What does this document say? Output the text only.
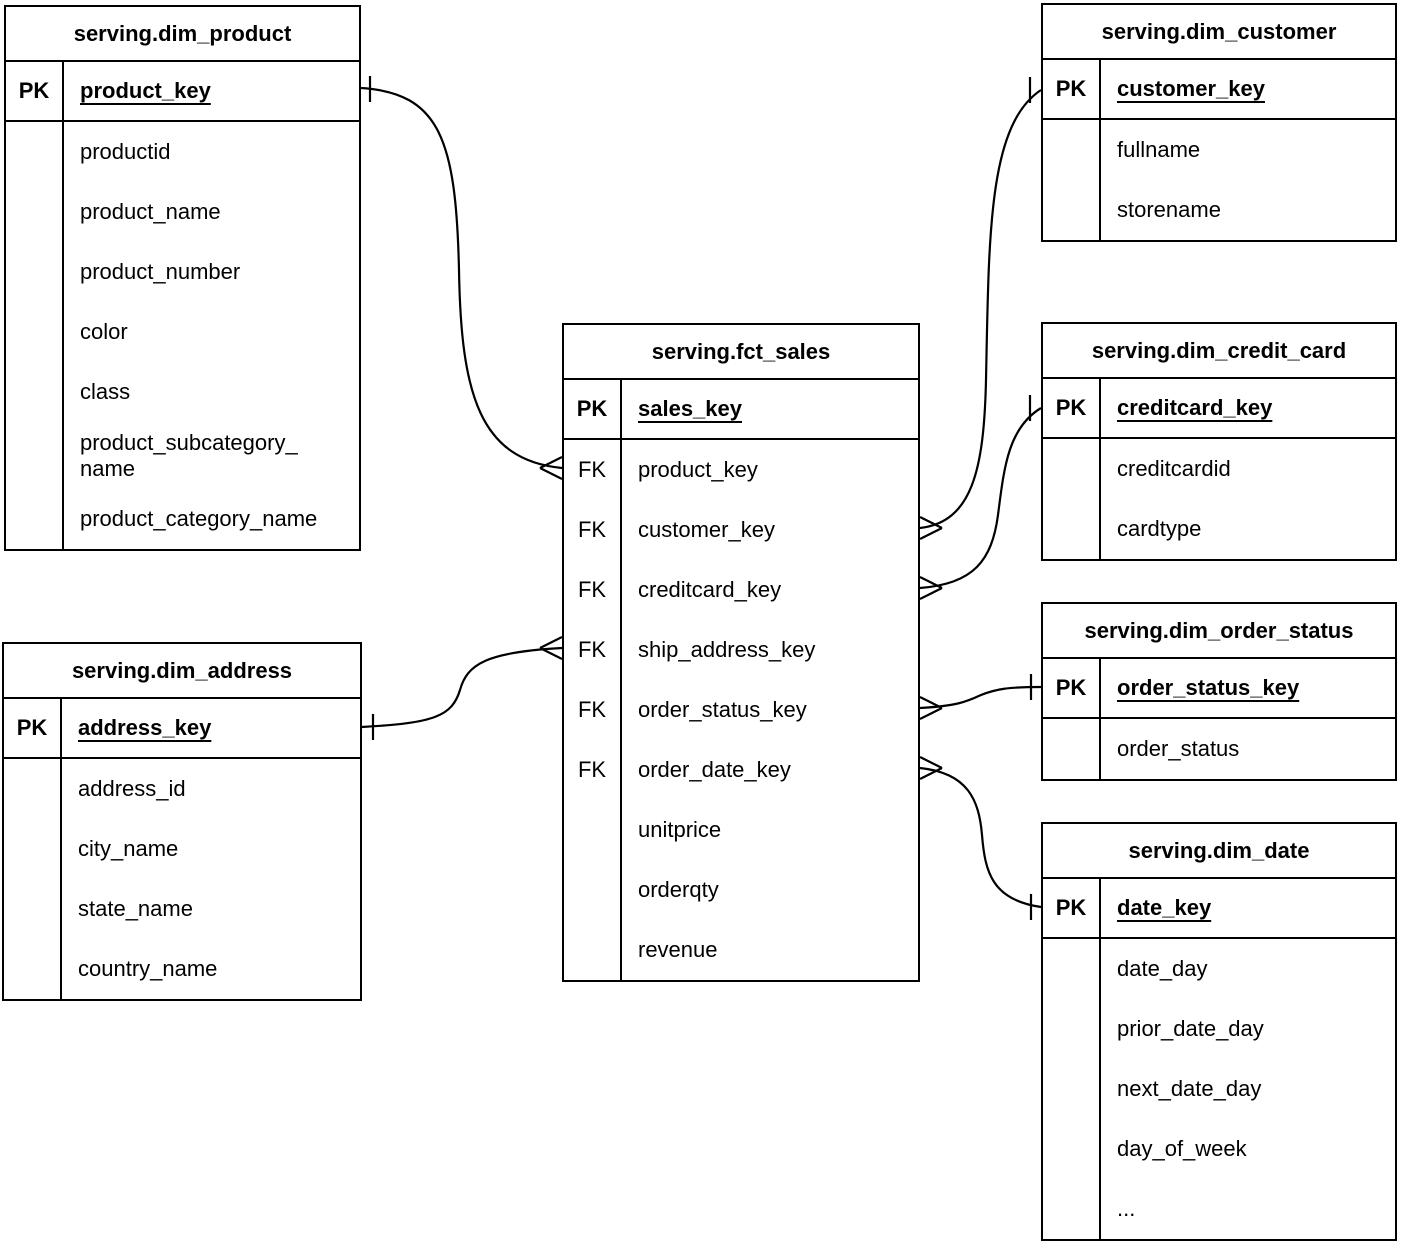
serving.dim_product
PK	product_key
productid
product_name
product_number
color
class
product_subcategory_name
product_category_name
serving.dim_customer
PK	customer_key
fullname
storename
serving.fct_sales
PK	sales_key
FK	product_key
FK	customer_key
FK	creditcard_key
FK	ship_address_key
FK	order_status_key
FK	order_date_key
unitprice
orderqty
revenue
serving.dim_credit_card
PK	creditcard_key
creditcardid
cardtype
serving.dim_order_status
PK	order_status_key
order_status
serving.dim_date
PK	date_key
date_day
prior_date_day
next_date_day
day_of_week
...
serving.dim_address
PK	address_key
address_id
city_name
state_name
country_name
